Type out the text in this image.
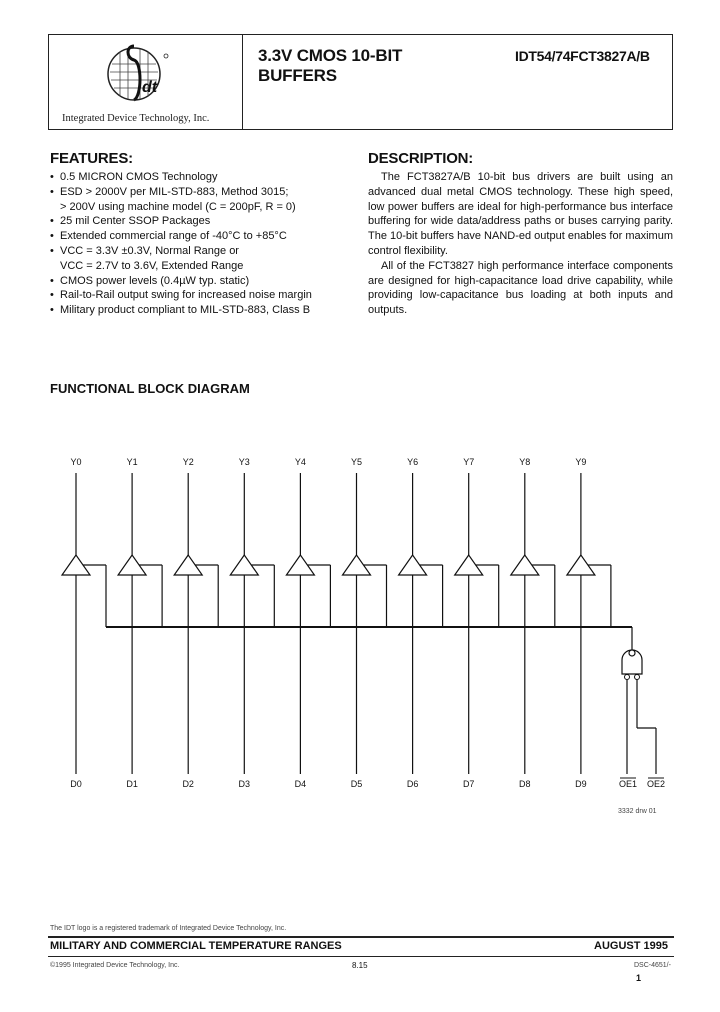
dt
Integrated Device Technology, Inc.
3.3V CMOS 10-BIT
BUFFERS
IDT54/74FCT3827A/B
FEATURES:
• 0.5 MICRON CMOS Technology
• ESD > 2000V per MIL-STD-883, Method 3015;
> 200V using machine model (C = 200pF, R = 0)
• 25 mil Center SSOP Packages
• Extended commercial range of -40°C to +85°C
• VCC = 3.3V ±0.3V, Normal Range or
VCC = 2.7V to 3.6V, Extended Range
• CMOS power levels (0.4µW typ. static)
• Rail-to-Rail output swing for increased noise margin
• Military product compliant to MIL-STD-883, Class B
DESCRIPTION:

The FCT3827A/B 10-bit bus drivers are built using an advanced dual metal CMOS technology. These high speed, low power buffers are ideal for high-performance bus interface buffering for wide data/address paths or buses carrying parity. The 10-bit buffers have NAND-ed output enables for maximum control flexibility.

All of the FCT3827 high performance interface components are designed for high-capacitance load drive capability, while providing low-capacitance bus loading at both inputs and outputs.

FUNCTIONAL BLOCK DIAGRAM
Y0
D0
Y1
D1
Y2
D2
Y3
D3
Y4
D4
Y5
D5
Y6
D6
Y7
D7
Y8
D8
Y9
D9	OE1 OE2
3332 drw 01
The IDT logo is a registered trademark of Integrated Device Technology, Inc.
MILITARY AND COMMERCIAL TEMPERATURE RANGES	AUGUST 1995
©1995 Integrated Device Technology, Inc.	8.15	DSC-4651/-
1
